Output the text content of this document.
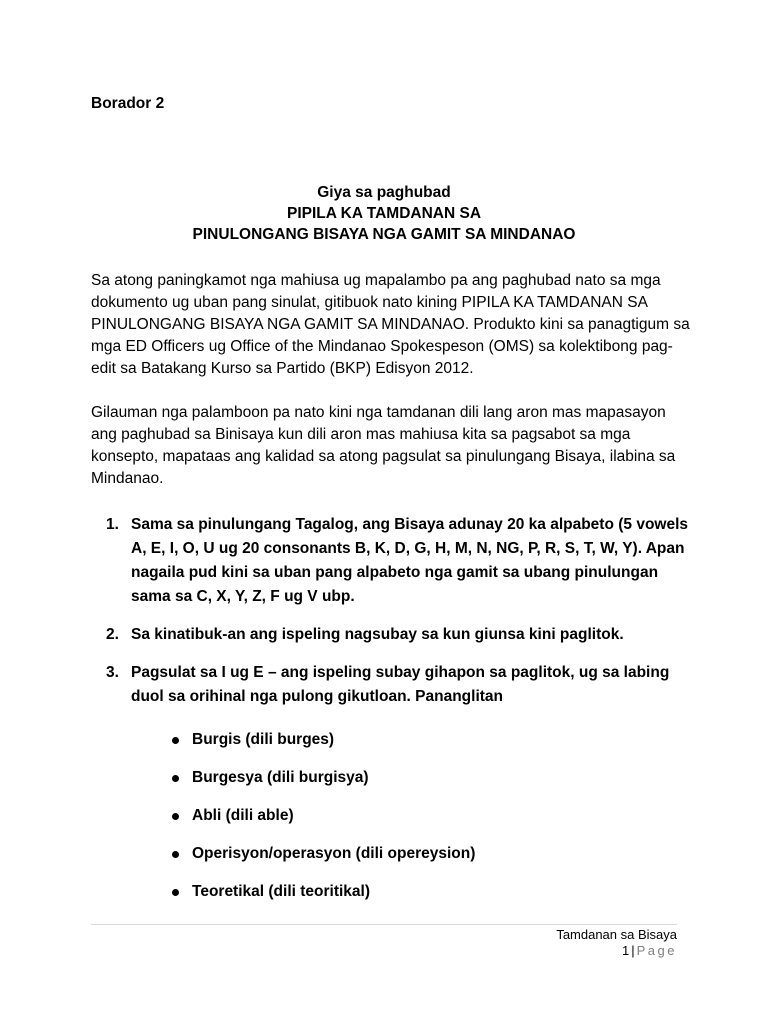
Borador 2
Giya sa paghubad
PIPILA KA TAMDANAN SA
PINULONGANG BISAYA NGA GAMIT SA MINDANAO

Sa atong paningkamot nga mahiusa ug mapalambo pa ang paghubad nato sa mga dokumento ug uban pang sinulat, gitibuok nato kining PIPILA KA TAMDANAN SA PINULONGANG BISAYA NGA GAMIT SA MINDANAO. Produkto kini sa panagtigum sa mga ED Officers ug Office of the Mindanao Spokespeson (OMS) sa kolektibong pag-edit sa Batakang Kurso sa Partido (BKP) Edisyon 2012.

Gilauman nga palamboon pa nato kini nga tamdanan dili lang aron mas mapasayon ang paghubad sa Binisaya kun dili aron mas mahiusa kita sa pagsabot sa mga konsepto, mapataas ang kalidad sa atong pagsulat sa pinulungang Bisaya, ilabina sa Mindanao.

1. Sama sa pinulungang Tagalog, ang Bisaya adunay 20 ka alpabeto (5 vowels A, E, I, O, U ug 20 consonants B, K, D, G, H, M, N, NG, P, R, S, T, W, Y). Apan nagaila pud kini sa uban pang alpabeto nga gamit sa ubang pinulungan sama sa C, X, Y, Z, F ug V ubp.
2. Sa kinatibuk-an ang ispeling nagsubay sa kun giunsa kini paglitok.
3. Pagsulat sa I ug E – ang ispeling subay gihapon sa paglitok, ug sa labing duol sa orihinal nga pulong gikutloan. Pananglitan
Burgis (dili burges)
Burgesya (dili burgisya)
Abli (dili able)
Operisyon/operasyon (dili opereysion)
Teoretikal (dili teoritikal)
Tamdanan sa Bisaya
1 | Page
